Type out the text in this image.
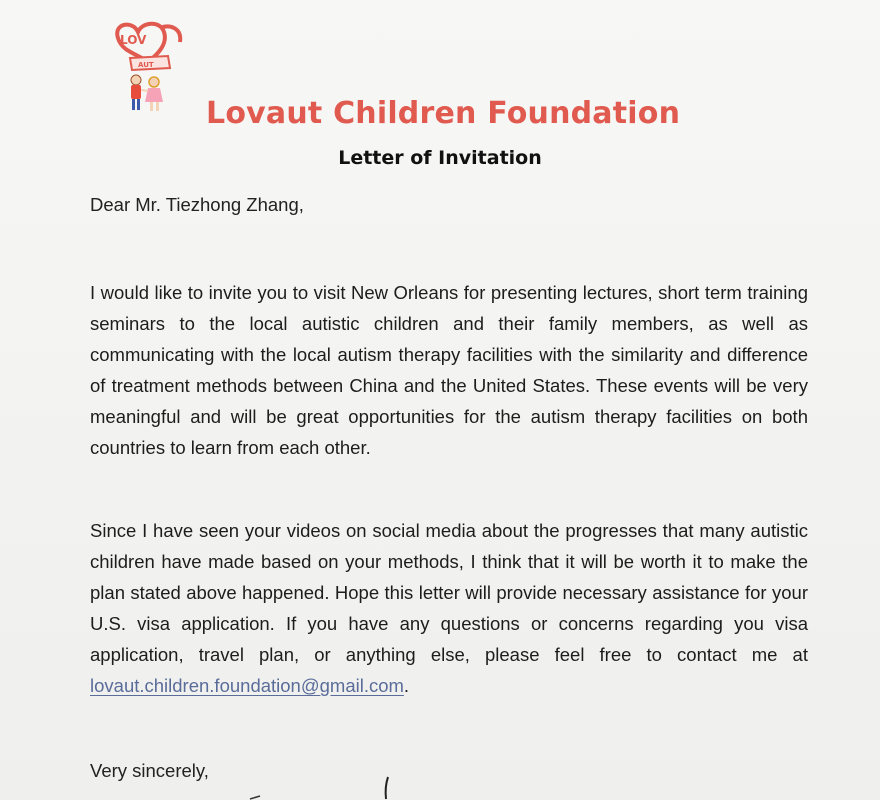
LOV
AUT
Lovaut Children Foundation
Letter of Invitation
Dear Mr. Tiezhong Zhang,
I would like to invite you to visit New Orleans for presenting lectures, short term training seminars to the local autistic children and their family members, as well as communicating with the local autism therapy facilities with the similarity and difference of treatment methods between China and the United States. These events will be very meaningful and will be great opportunities for the autism therapy facilities on both countries to learn from each other.
Since I have seen your videos on social media about the progresses that many autistic children have made based on your methods, I think that it will be worth it to make the plan stated above happened. Hope this letter will provide necessary assistance for your U.S. visa application. If you have any questions or concerns regarding you visa application, travel plan, or anything else, please feel free to contact me at lovaut.children.foundation@gmail.com.
Very sincerely,
